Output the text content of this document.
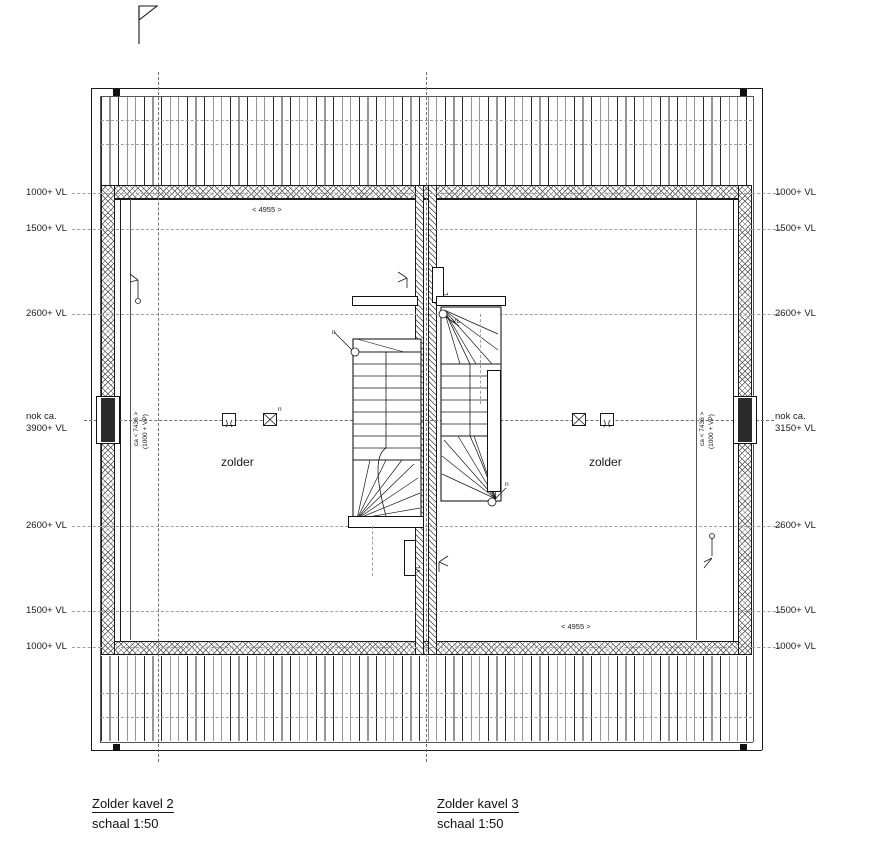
1000+ VL
1500+ VL
2600+ VL
2600+ VL
1500+ VL
1000+ VL
1000+ VL
1500+ VL
2600+ VL
2600+ VL
1500+ VL
1000+ VL
nok ca.
3900+ VL
nok ca.
3150+ VL
zolder	zolder
< 4955 >
< 4955 >
ca < 7436 > (1000 + VP)	ca < 7436 > (1000 + VP)
n
VL
n
VL
n
Zolder kavel 2
schaal 1:50
Zolder kavel 3
schaal 1:50
